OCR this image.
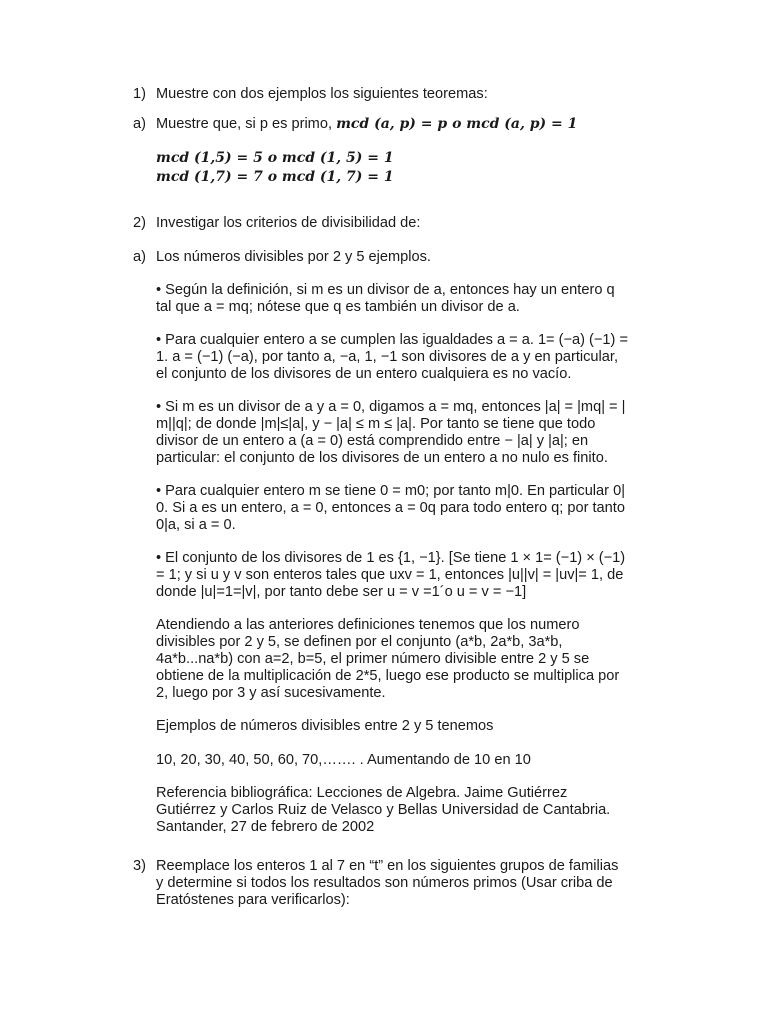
1) Muestre con dos ejemplos los siguientes teoremas:
a) Muestre que, si p es primo, mcd (a, p) = p o mcd (a, p) = 1
mcd (1,5) = 5 o mcd (1, 5) = 1
mcd (1,7) = 7 o mcd (1, 7) = 1
2) Investigar los criterios de divisibilidad de:
a) Los números divisibles por 2 y 5 ejemplos.
• Según la definición, si m es un divisor de a, entonces hay un entero q
tal que a = mq; nótese que q es también un divisor de a.
• Para cualquier entero a se cumplen las igualdades a = a. 1= (−a) (−1) =
1. a = (−1) (−a), por tanto a, −a, 1, −1 son divisores de a y en particular,
el conjunto de los divisores de un entero cualquiera es no vacío.
• Si m es un divisor de a y a = 0, digamos a = mq, entonces |a| = |mq| = |
m||q|; de donde |m|≤|a|, y − |a| ≤ m ≤ |a|. Por tanto se tiene que todo
divisor de un entero a (a = 0) está comprendido entre − |a| y |a|; en
particular: el conjunto de los divisores de un entero a no nulo es finito.
• Para cualquier entero m se tiene 0 = m0; por tanto m|0. En particular 0|
0. Si a es un entero, a = 0, entonces a = 0q para todo entero q; por tanto
0|a, si a = 0.
• El conjunto de los divisores de 1 es {1, −1}. [Se tiene 1 × 1= (−1) × (−1)
= 1; y si u y v son enteros tales que uxv = 1, entonces |u||v| = |uv|= 1, de
donde |u|=1=|v|, por tanto debe ser u = v =1´o u = v = −1]
Atendiendo a las anteriores definiciones tenemos que los numero
divisibles por 2 y 5, se definen por el conjunto (a*b, 2a*b, 3a*b,
4a*b...na*b) con a=2, b=5, el primer número divisible entre 2 y 5 se
obtiene de la multiplicación de 2*5, luego ese producto se multiplica por
2, luego por 3 y así sucesivamente.
Ejemplos de números divisibles entre 2 y 5 tenemos
10, 20, 30, 40, 50, 60, 70,……. . Aumentando de 10 en 10
Referencia bibliográfica: Lecciones de Algebra. Jaime Gutiérrez
Gutiérrez y Carlos Ruiz de Velasco y Bellas Universidad de Cantabria.
Santander, 27 de febrero de 2002
3) Reemplace los enteros 1 al 7 en “t” en los siguientes grupos de familias
y determine si todos los resultados son números primos (Usar criba de
Eratóstenes para verificarlos):
